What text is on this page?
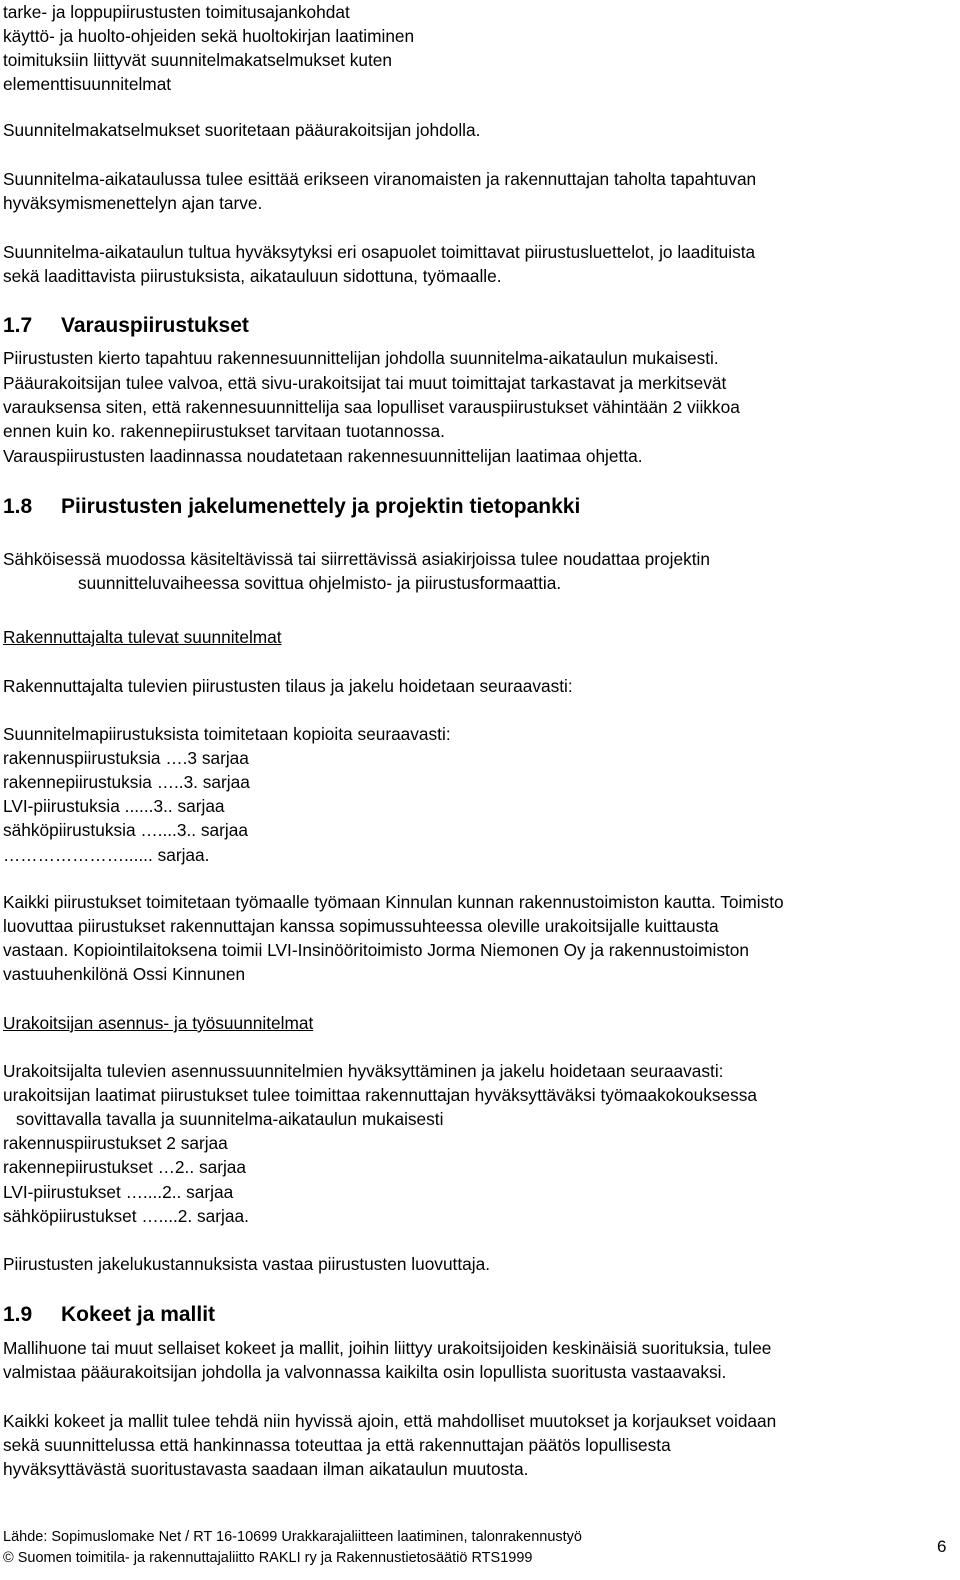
tarke- ja loppupiirustusten toimitusajankohdat
käyttö- ja huolto-ohjeiden sekä huoltokirjan laatiminen
toimituksiin liittyvät suunnitelmakatselmukset kuten
elementtisuunnitelmat
Suunnitelmakatselmukset suoritetaan pääurakoitsijan johdolla.
Suunnitelma-aikataulussa tulee esittää erikseen viranomaisten ja rakennuttajan taholta tapahtuvan
hyväksymismenettelyn ajan tarve.
Suunnitelma-aikataulun tultua hyväksytyksi eri osapuolet toimittavat piirustusluettelot, jo laadituista
sekä laadittavista piirustuksista, aikatauluun sidottuna, työmaalle.
1.7 Varauspiirustukset
Piirustusten kierto tapahtuu rakennesuunnittelijan johdolla suunnitelma-aikataulun mukaisesti.
Pääurakoitsijan tulee valvoa, että sivu-urakoitsijat tai muut toimittajat tarkastavat ja merkitsevät
varauksensa siten, että rakennesuunnittelija saa lopulliset varauspiirustukset vähintään 2 viikkoa
ennen kuin ko. rakennepiirustukset tarvitaan tuotannossa.
Varauspiirustusten laadinnassa noudatetaan rakennesuunnittelijan laatimaa ohjetta.
1.8 Piirustusten jakelumenettely ja projektin tietopankki
Sähköisessä muodossa käsiteltävissä tai siirrettävissä asiakirjoissa tulee noudattaa projektin
suunnitteluvaiheessa sovittua ohjelmisto- ja piirustusformaattia.
Rakennuttajalta tulevat suunnitelmat
Rakennuttajalta tulevien piirustusten tilaus ja jakelu hoidetaan seuraavasti:
Suunnitelmapiirustuksista toimitetaan kopioita seuraavasti:
rakennuspiirustuksia ….3 sarjaa
rakennepiirustuksia …..3. sarjaa
LVI-piirustuksia ......3.. sarjaa
sähköpiirustuksia …....3.. sarjaa
…………………...... sarjaa.
Kaikki piirustukset toimitetaan työmaalle työmaan Kinnulan kunnan rakennustoimiston kautta. Toimisto
luovuttaa piirustukset rakennuttajan kanssa sopimussuhteessa oleville urakoitsijalle kuittausta
vastaan. Kopiointilaitoksena toimii LVI-Insinööritoimisto Jorma Niemonen Oy ja rakennustoimiston
vastuuhenkilönä Ossi Kinnunen
Urakoitsijan asennus- ja työsuunnitelmat
Urakoitsijalta tulevien asennussuunnitelmien hyväksyttäminen ja jakelu hoidetaan seuraavasti:
urakoitsijan laatimat piirustukset tulee toimittaa rakennuttajan hyväksyttäväksi työmaakokouksessa
sovittavalla tavalla ja suunnitelma-aikataulun mukaisesti
rakennuspiirustukset 2 sarjaa
rakennepiirustukset …2.. sarjaa
LVI-piirustukset …....2.. sarjaa
sähköpiirustukset …....2. sarjaa.
Piirustusten jakelukustannuksista vastaa piirustusten luovuttaja.
1.9 Kokeet ja mallit
Mallihuone tai muut sellaiset kokeet ja mallit, joihin liittyy urakoitsijoiden keskinäisiä suorituksia, tulee
valmistaa pääurakoitsijan johdolla ja valvonnassa kaikilta osin lopullista suoritusta vastaavaksi.
Kaikki kokeet ja mallit tulee tehdä niin hyvissä ajoin, että mahdolliset muutokset ja korjaukset voidaan
sekä suunnittelussa että hankinnassa toteuttaa ja että rakennuttajan päätös lopullisesta
hyväksyttävästä suoritustavasta saadaan ilman aikataulun muutosta.
Lähde: Sopimuslomake Net / RT 16-10699 Urakkarajaliitteen laatiminen, talonrakennustyö
© Suomen toimitila- ja rakennuttajaliitto RAKLI ry ja Rakennustietosäätiö RTS1999
6
